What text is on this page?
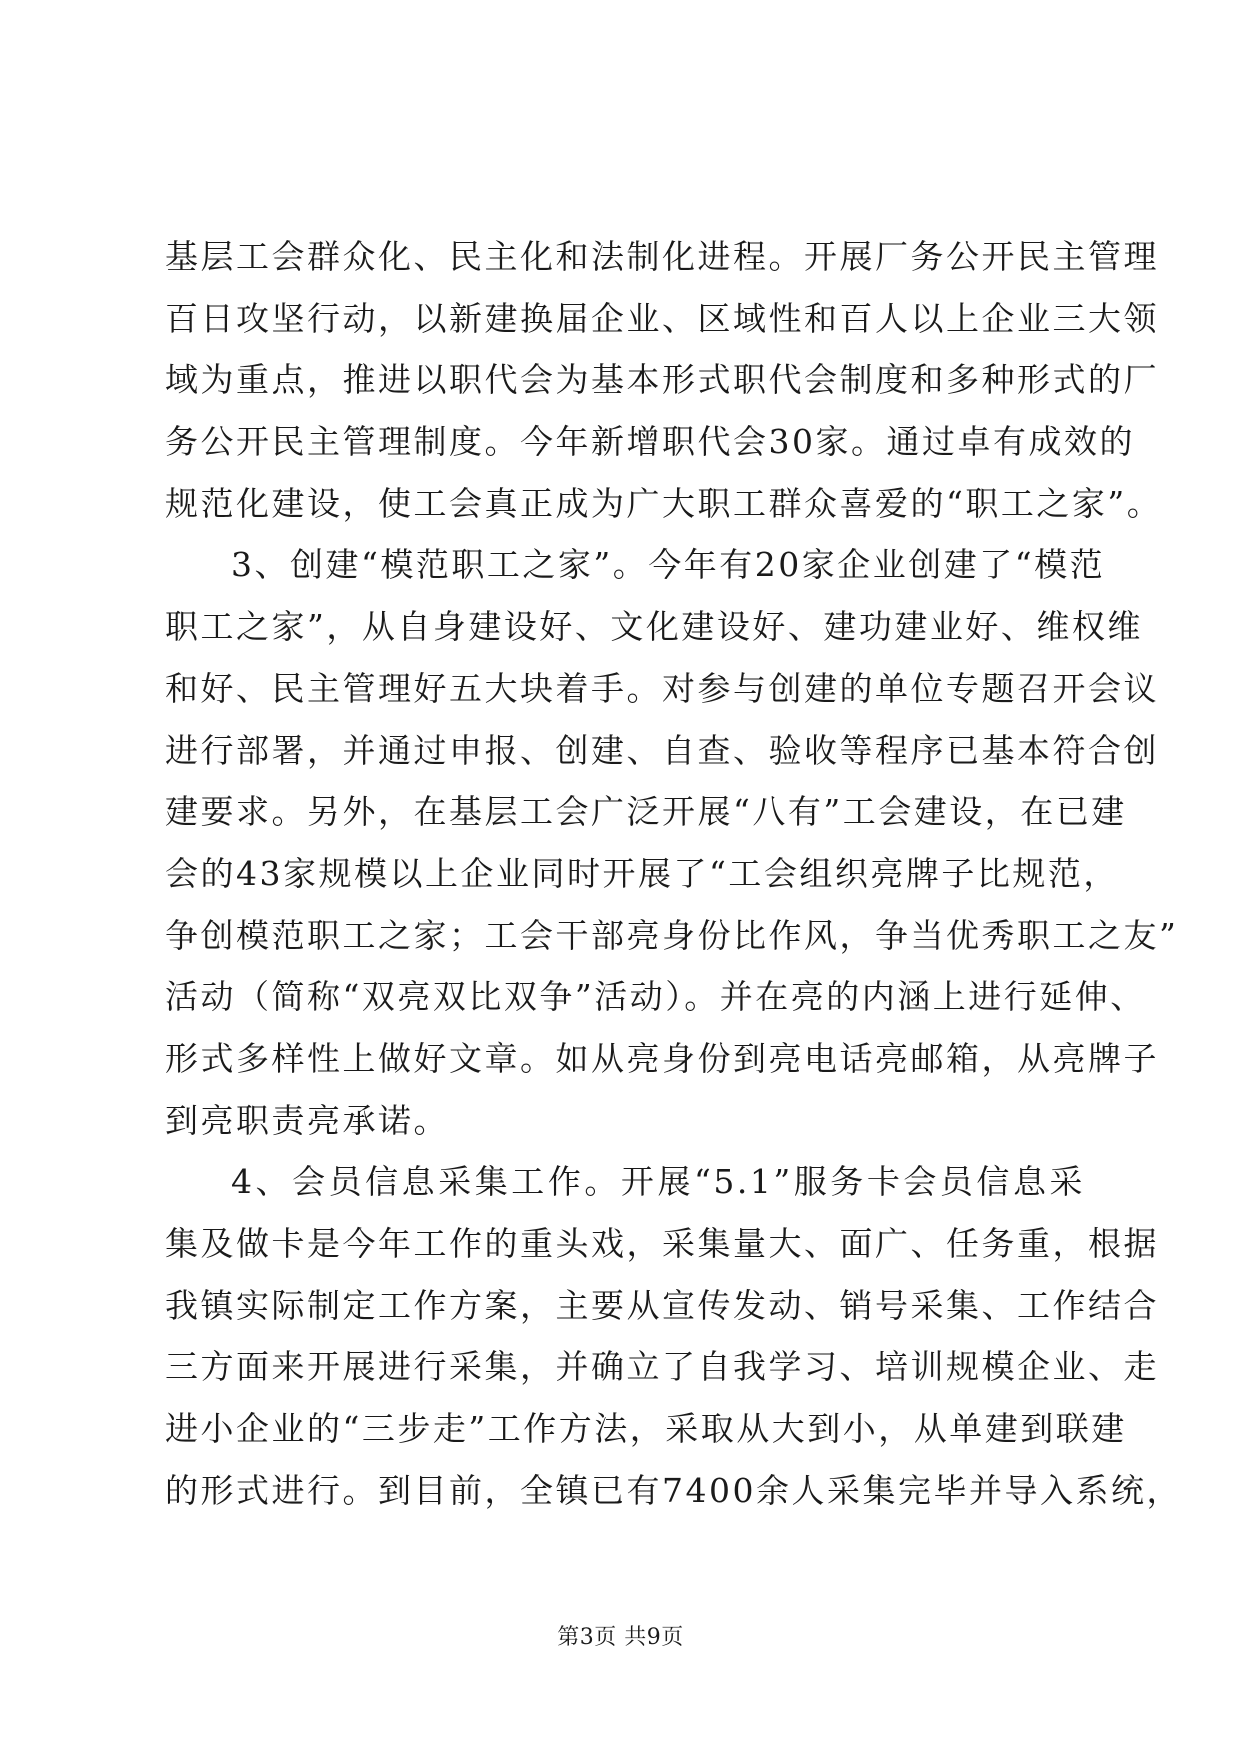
基层工会群众化、民主化和法制化进程。开展厂务公开民主管理
百日攻坚行动，以新建换届企业、区域性和百人以上企业三大领
域为重点，推进以职代会为基本形式职代会制度和多种形式的厂
务公开民主管理制度。今年新增职代会30家。通过卓有成效的
规范化建设，使工会真正成为广大职工群众喜爱的“职工之家”。
3、创建“模范职工之家”。今年有20家企业创建了“模范
职工之家”，从自身建设好、文化建设好、建功建业好、维权维
和好、民主管理好五大块着手。对参与创建的单位专题召开会议
进行部署，并通过申报、创建、自查、验收等程序已基本符合创
建要求。另外，在基层工会广泛开展“八有”工会建设，在已建
会的43家规模以上企业同时开展了“工会组织亮牌子比规范，
争创模范职工之家；工会干部亮身份比作风，争当优秀职工之友”
活动（简称“双亮双比双争”活动）。并在亮的内涵上进行延伸、
形式多样性上做好文章。如从亮身份到亮电话亮邮箱，从亮牌子
到亮职责亮承诺。
4、会员信息采集工作。开展“5.1”服务卡会员信息采
集及做卡是今年工作的重头戏，采集量大、面广、任务重，根据
我镇实际制定工作方案，主要从宣传发动、销号采集、工作结合
三方面来开展进行采集，并确立了自我学习、培训规模企业、走
进小企业的“三步走”工作方法，采取从大到小，从单建到联建
的形式进行。到目前，全镇已有7400余人采集完毕并导入系统，
第3页 共9页
